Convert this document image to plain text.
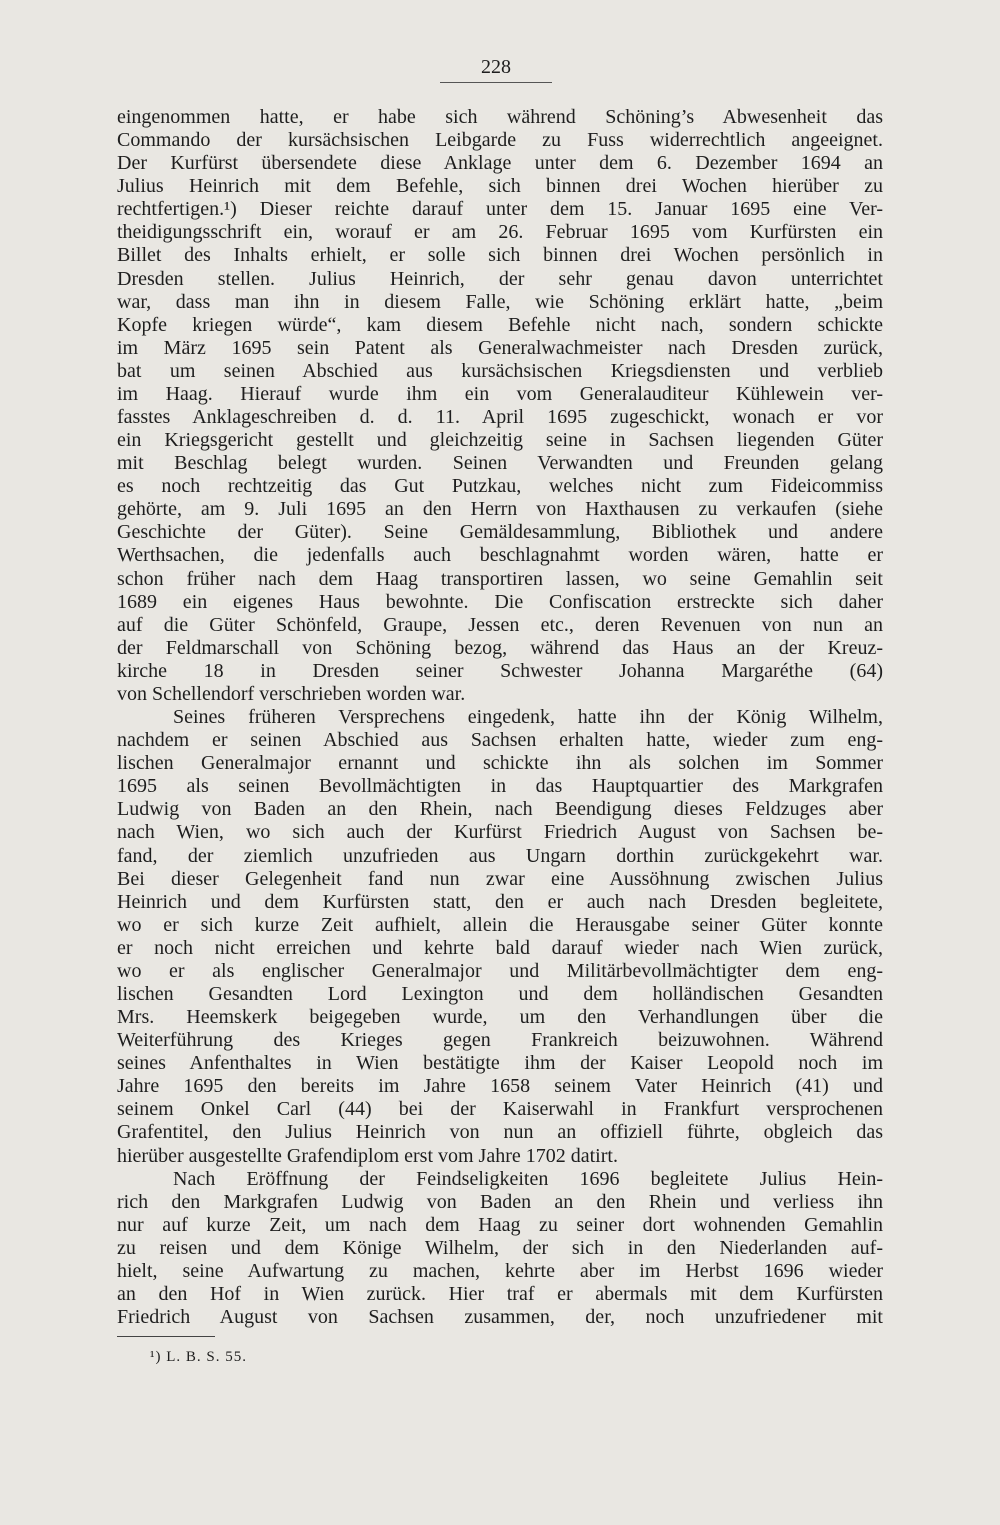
228
eingenommen hatte, er habe sich während Schöning’s Abwesenheit das
Commando der kursächsischen Leibgarde zu Fuss widerrechtlich angeeignet.
Der Kurfürst übersendete diese Anklage unter dem 6. Dezember 1694 an
Julius Heinrich mit dem Befehle, sich binnen drei Wochen hierüber zu
rechtfertigen.¹) Dieser reichte darauf unter dem 15. Januar 1695 eine Ver-
theidigungsschrift ein, worauf er am 26. Februar 1695 vom Kurfürsten ein
Billet des Inhalts erhielt, er solle sich binnen drei Wochen persönlich in
Dresden stellen. Julius Heinrich, der sehr genau davon unterrichtet
war, dass man ihn in diesem Falle, wie Schöning erklärt hatte, „beim
Kopfe kriegen würde“, kam diesem Befehle nicht nach, sondern schickte
im März 1695 sein Patent als Generalwachmeister nach Dresden zurück,
bat um seinen Abschied aus kursächsischen Kriegsdiensten und verblieb
im Haag. Hierauf wurde ihm ein vom Generalauditeur Kühlewein ver-
fasstes Anklageschreiben d. d. 11. April 1695 zugeschickt, wonach er vor
ein Kriegsgericht gestellt und gleichzeitig seine in Sachsen liegenden Güter
mit Beschlag belegt wurden. Seinen Verwandten und Freunden gelang
es noch rechtzeitig das Gut Putzkau, welches nicht zum Fideicommiss
gehörte, am 9. Juli 1695 an den Herrn von Haxthausen zu verkaufen (siehe
Geschichte der Güter). Seine Gemäldesammlung, Bibliothek und andere
Werthsachen, die jedenfalls auch beschlagnahmt worden wären, hatte er
schon früher nach dem Haag transportiren lassen, wo seine Gemahlin seit
1689 ein eigenes Haus bewohnte. Die Confiscation erstreckte sich daher
auf die Güter Schönfeld, Graupe, Jessen etc., deren Revenuen von nun an
der Feldmarschall von Schöning bezog, während das Haus an der Kreuz-
kirche 18 in Dresden seiner Schwester Johanna Margaréthe (64)
von Schellendorf verschrieben worden war.
Seines früheren Versprechens eingedenk, hatte ihn der König Wilhelm,
nachdem er seinen Abschied aus Sachsen erhalten hatte, wieder zum eng-
lischen Generalmajor ernannt und schickte ihn als solchen im Sommer
1695 als seinen Bevollmächtigten in das Hauptquartier des Markgrafen
Ludwig von Baden an den Rhein, nach Beendigung dieses Feldzuges aber
nach Wien, wo sich auch der Kurfürst Friedrich August von Sachsen be-
fand, der ziemlich unzufrieden aus Ungarn dorthin zurückgekehrt war.
Bei dieser Gelegenheit fand nun zwar eine Aussöhnung zwischen Julius
Heinrich und dem Kurfürsten statt, den er auch nach Dresden begleitete,
wo er sich kurze Zeit aufhielt, allein die Herausgabe seiner Güter konnte
er noch nicht erreichen und kehrte bald darauf wieder nach Wien zurück,
wo er als englischer Generalmajor und Militärbevollmächtigter dem eng-
lischen Gesandten Lord Lexington und dem holländischen Gesandten
Mrs. Heemskerk beigegeben wurde, um den Verhandlungen über die
Weiterführung des Krieges gegen Frankreich beizuwohnen. Während
seines Anfenthaltes in Wien bestätigte ihm der Kaiser Leopold noch im
Jahre 1695 den bereits im Jahre 1658 seinem Vater Heinrich (41) und
seinem Onkel Carl (44) bei der Kaiserwahl in Frankfurt versprochenen
Grafentitel, den Julius Heinrich von nun an offiziell führte, obgleich das
hierüber ausgestellte Grafendiplom erst vom Jahre 1702 datirt.
Nach Eröffnung der Feindseligkeiten 1696 begleitete Julius Hein-
rich den Markgrafen Ludwig von Baden an den Rhein und verliess ihn
nur auf kurze Zeit, um nach dem Haag zu seiner dort wohnenden Gemahlin
zu reisen und dem Könige Wilhelm, der sich in den Niederlanden auf-
hielt, seine Aufwartung zu machen, kehrte aber im Herbst 1696 wieder
an den Hof in Wien zurück. Hier traf er abermals mit dem Kurfürsten
Friedrich August von Sachsen zusammen, der, noch unzufriedener mit
¹) L. B. S. 55.
